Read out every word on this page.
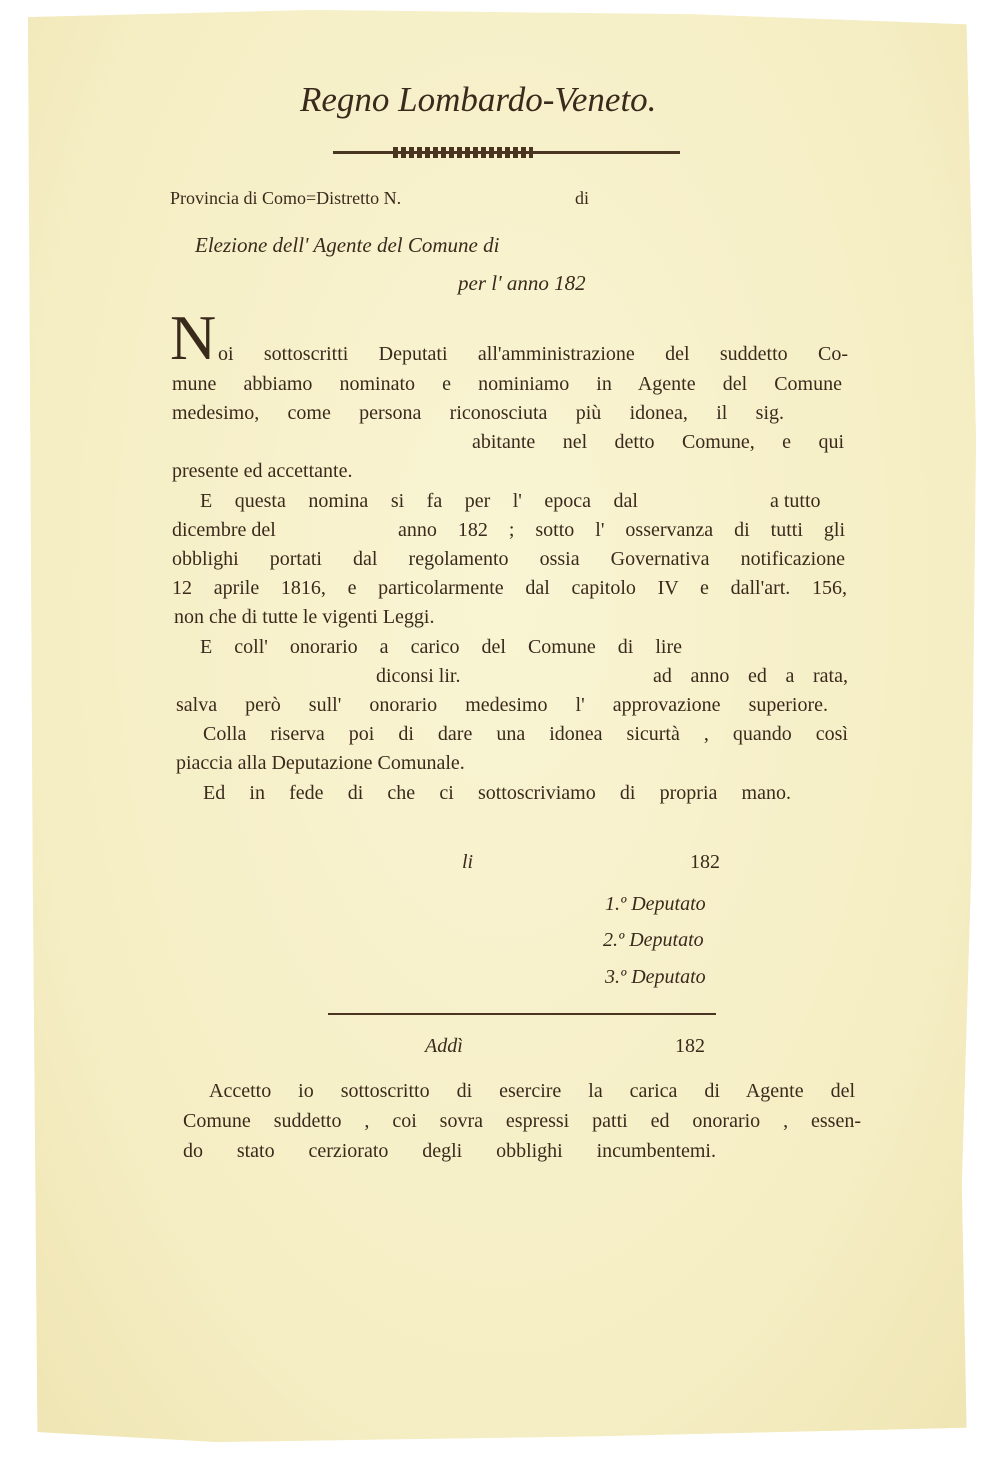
Regno Lombardo-Veneto.
Provincia di Como=Distretto N.	di
Elezione dell' Agente del Comune di
per l' anno 182
N oi sottoscritti Deputati all'amministrazione del suddetto Co-
mune abbiamo nominato e nominiamo in Agente del Comune
medesimo, come persona riconosciuta più idonea, il sig.
abitante nel detto Comune, e qui
presente ed accettante.
E questa nomina si fa per l' epoca dal	a tutto
dicembre del	anno 182 ; sotto l' osservanza di tutti gli
obblighi portati dal regolamento ossia Governativa notificazione
12 aprile 1816, e particolarmente dal capitolo IV e dall'art. 156,
non che di tutte le vigenti Leggi.
E coll' onorario a carico del Comune di lire
diconsi lir.	ad anno ed a rata,
salva però sull' onorario medesimo l' approvazione superiore.
Colla riserva poi di dare una idonea sicurtà , quando così
piaccia alla Deputazione Comunale.
Ed in fede di che ci sottoscriviamo di propria mano.
li	182
1.º Deputato
2.º Deputato
3.º Deputato
Addì	182
Accetto io sottoscritto di esercire la carica di Agente del
Comune suddetto , coi sovra espressi patti ed onorario , essen-
do stato cerziorato degli obblighi incumbentemi.
